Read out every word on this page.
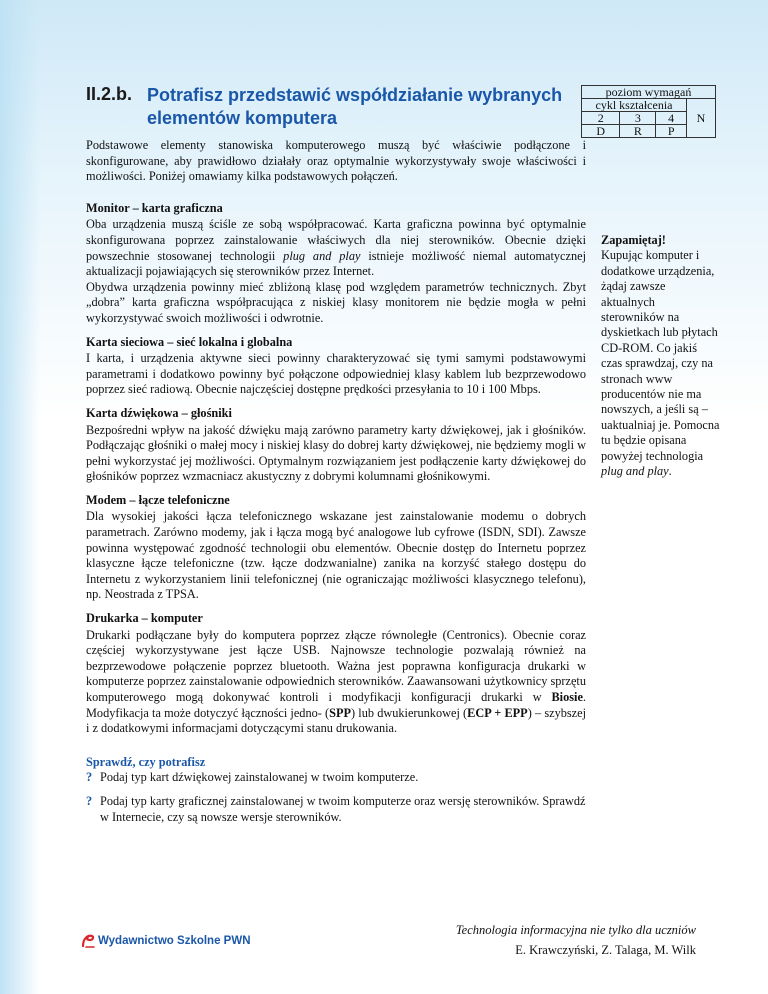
II.2.b. Potrafisz przedstawić współdziałanie wybranych elementów komputera
poziom wymagań			
cykl kształcenia			N
2	3	4	
D	R	P	

Podstawowe elementy stanowiska komputerowego muszą być właściwie podłączone i skonfigurowane, aby prawidłowo działały oraz optymalnie wykorzystywały swoje właściwości i możliwości. Poniżej omawiamy kilka podstawowych połączeń.

Monitor – karta graficzna

Oba urządzenia muszą ściśle ze sobą współpracować. Karta graficzna powinna być optymalnie skonfigurowana poprzez zainstalowanie właściwych dla niej sterowników. Obecnie dzięki powszechnie stosowanej technologii plug and play istnieje możliwość niemal automatycznej aktualizacji pojawiających się sterowników przez Internet.

Obydwa urządzenia powinny mieć zbliżoną klasę pod względem parametrów technicznych. Zbyt „dobra” karta graficzna współpracująca z niskiej klasy monitorem nie będzie mogła w pełni wykorzystywać swoich możliwości i odwrotnie.

Karta sieciowa – sieć lokalna i globalna

I karta, i urządzenia aktywne sieci powinny charakteryzować się tymi samymi podstawowymi parametrami i dodatkowo powinny być połączone odpowiedniej klasy kablem lub bezprzewodowo poprzez sieć radiową. Obecnie najczęściej dostępne prędkości przesyłania to 10 i 100 Mbps.

Karta dźwiękowa – głośniki

Bezpośredni wpływ na jakość dźwięku mają zarówno parametry karty dźwiękowej, jak i głośników. Podłączając głośniki o małej mocy i niskiej klasy do dobrej karty dźwiękowej, nie będziemy mogli w pełni wykorzystać jej możliwości. Optymalnym rozwiązaniem jest podłączenie karty dźwiękowej do głośników poprzez wzmacniacz akustyczny z dobrymi kolumnami głośnikowymi.

Modem – łącze telefoniczne

Dla wysokiej jakości łącza telefonicznego wskazane jest zainstalowanie modemu o dobrych parametrach. Zarówno modemy, jak i łącza mogą być analogowe lub cyfrowe (ISDN, SDI). Zawsze powinna występować zgodność technologii obu elementów. Obecnie dostęp do Internetu poprzez klasyczne łącze telefoniczne (tzw. łącze dodzwanialne) zanika na korzyść stałego dostępu do Internetu z wykorzystaniem linii telefonicznej (nie ograniczając możliwości klasycznego telefonu), np. Neostrada z TPSA.

Drukarka – komputer

Drukarki podłączane były do komputera poprzez złącze równoległe (Centronics). Obecnie coraz częściej wykorzystywane jest łącze USB. Najnowsze technologie pozwalają również na bezprzewodowe połączenie poprzez bluetooth. Ważna jest poprawna konfiguracja drukarki w komputerze poprzez zainstalowanie odpowiednich sterowników. Zaawansowani użytkownicy sprzętu komputerowego mogą dokonywać kontroli i modyfikacji konfiguracji drukarki w Biosie. Modyfikacja ta może dotyczyć łączności jedno- (SPP) lub dwukierunkowej (ECP + EPP) – szybszej i z dodatkowymi informacjami dotyczącymi stanu drukowania.

Sprawdź, czy potrafisz

? Podaj typ kart dźwiękowej zainstalowanej w twoim komputerze.

? Podaj typ karty graficznej zainstalowanej w twoim komputerze oraz wersję sterowników. Sprawdź w Internecie, czy są nowsze wersje sterowników.

Zapamiętaj!
Kupując komputer i dodatkowe urządzenia, żądaj zawsze aktualnych sterowników na dyskietkach lub płytach CD-ROM. Co jakiś czas sprawdzaj, czy na stronach www producentów nie ma nowszych, a jeśli są – uaktualniaj je. Pomocna tu będzie opisana powyżej technologia plug and play.
Wydawnictwo Szkolne PWN
Technologia informacyjna nie tylko dla uczniów
E. Krawczyński, Z. Talaga, M. Wilk
